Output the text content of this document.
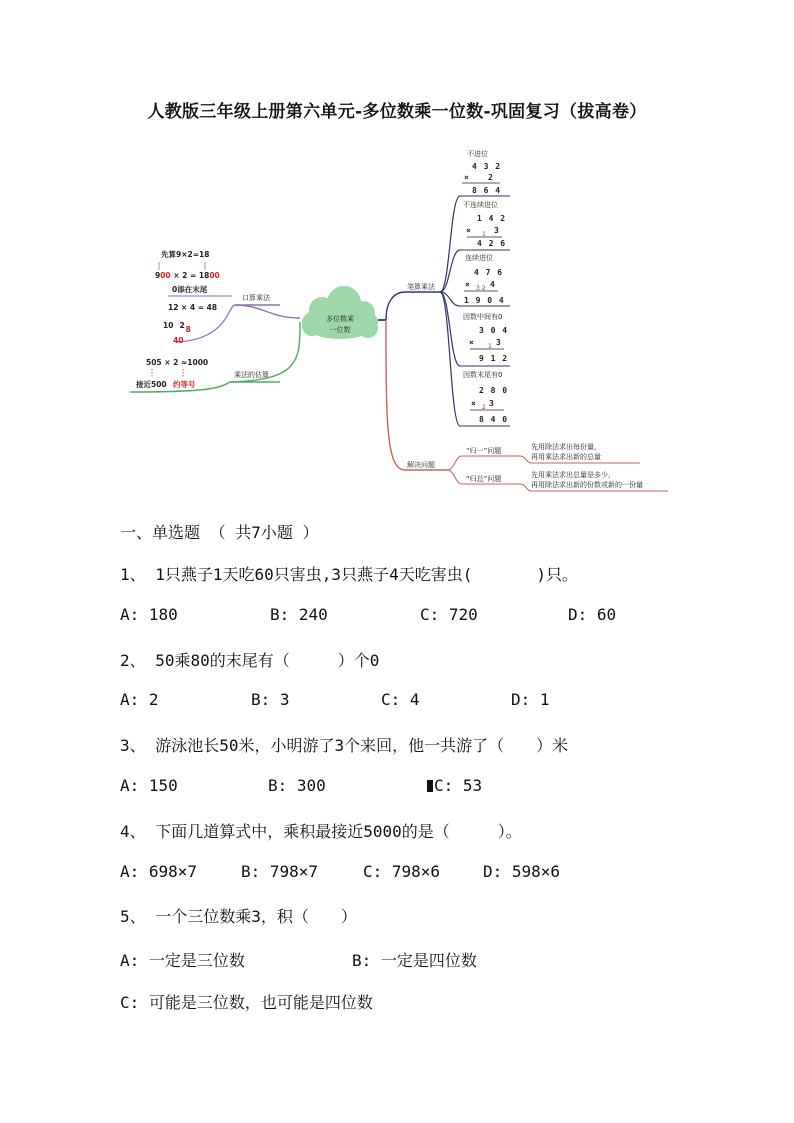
人教版三年级上册第六单元-多位数乘一位数-巩固复习（拔高卷）
多位数乘
一位数
口算乘法
先算9×2=18
900 × 2 = 1800
0添在末尾
12 × 4 = 48
10 $2_8$
40
乘法的估算
505 × 2 ≈1000
接近500 约等号
笔算乘法
不进位
4 3 2
× 2
8 6 4
不连续进位
1 4 2
× 1 3
4 2 6
连续进位
4 7 6
× 3 2 4
1 9 0 4
因数中间有0
3 0 4
× 1 3
9 1 2
因数末尾有0
2 8 0
× 2 3
8 4 0
解决问题
“归一”问题	先用除法求出每份量，
再用乘法求出新的总量
“归总”问题	先用乘法求出总量是多少，
再用除法求出新的份数或新的一份量
一、单选题 （ 共7小题 ）
1、 1只燕子1天吃60只害虫,3只燕子4天吃害虫(　　　　)只。
A: 180	B: 240	C: 720	D: 60
2、 50乘80的末尾有（　　　）个0
A: 2	B: 3	C: 4	D: 1
3、 游泳池长50米，小明游了3个来回，他一共游了（　　）米
A: 150	B: 300	C: 53
4、 下面几道算式中，乘积最接近5000的是（　　　）。
A: 698×7	B: 798×7	C: 798×6	D: 598×6
5、 一个三位数乘3，积（　　）
A: 一定是三位数	B: 一定是四位数
C: 可能是三位数，也可能是四位数
